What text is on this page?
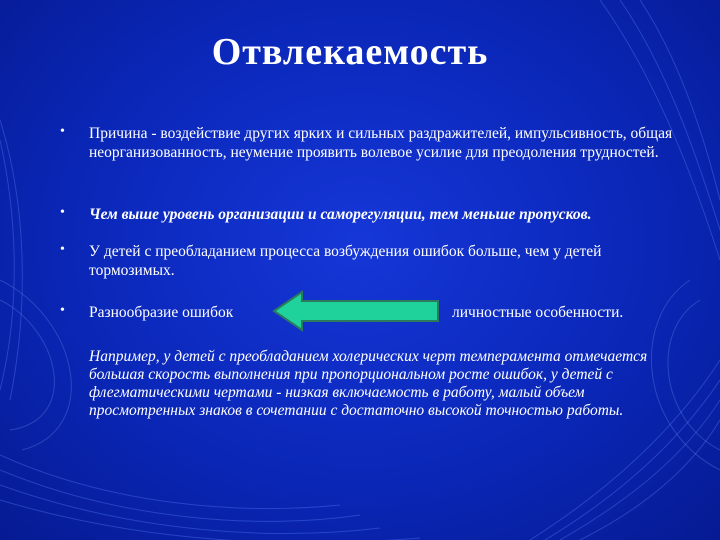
Отвлекаемость
• Причина - воздействие других ярких и сильных раздражителей, импульсивность, общая неорганизованность, неумение проявить волевое усилие для преодоления трудностей.
• Чем выше уровень организации и саморегуляции, тем меньше пропусков.
• У детей с преобладанием процесса возбуждения ошибок больше, чем у детей тормозимых.
• Разнообразие ошибок	личностные особенности.
Например, у детей с преобладанием холерических черт темперамента отмечается большая скорость выполнения при пропорциональном росте ошибок, у детей с флегматическими чертами - низкая включаемость в работу, малый объем просмотренных знаков в сочетании с достаточно высокой точностью работы.
